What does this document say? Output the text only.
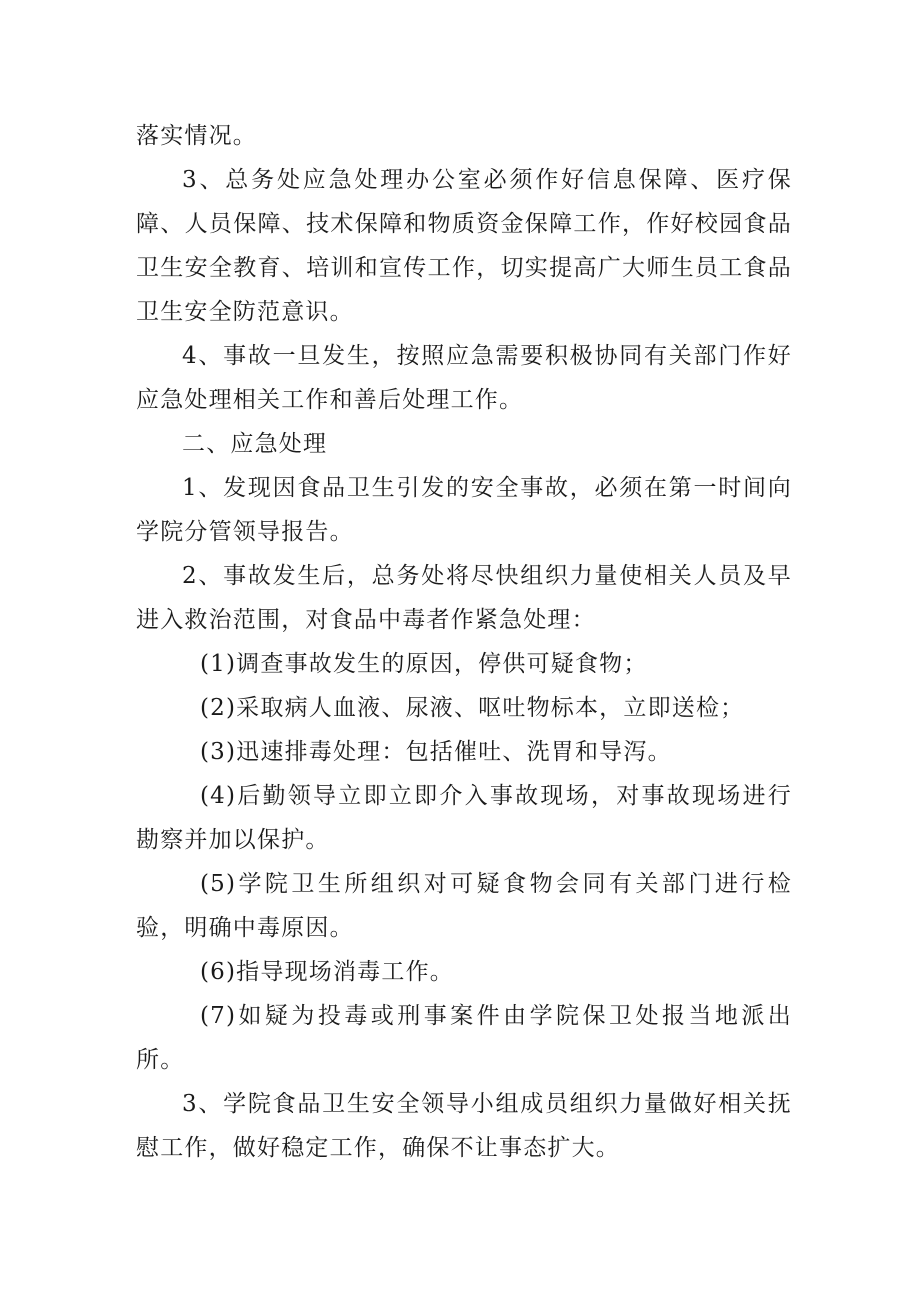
落实情况。

3、总务处应急处理办公室必须作好信息保障、医疗保障、人员保障、技术保障和物质资金保障工作，作好校园食品卫生安全教育、培训和宣传工作，切实提高广大师生员工食品卫生安全防范意识。

4、事故一旦发生，按照应急需要积极协同有关部门作好应急处理相关工作和善后处理工作。

二、应急处理

1、发现因食品卫生引发的安全事故，必须在第一时间向学院分管领导报告。

2、事故发生后，总务处将尽快组织力量使相关人员及早进入救治范围，对食品中毒者作紧急处理：

(1)调查事故发生的原因，停供可疑食物；

(2)采取病人血液、尿液、呕吐物标本，立即送检；

(3)迅速排毒处理：包括催吐、洗胃和导泻。

(4)后勤领导立即立即介入事故现场，对事故现场进行勘察并加以保护。

(5)学院卫生所组织对可疑食物会同有关部门进行检验，明确中毒原因。

(6)指导现场消毒工作。

(7)如疑为投毒或刑事案件由学院保卫处报当地派出所。

3、学院食品卫生安全领导小组成员组织力量做好相关抚慰工作，做好稳定工作，确保不让事态扩大。
